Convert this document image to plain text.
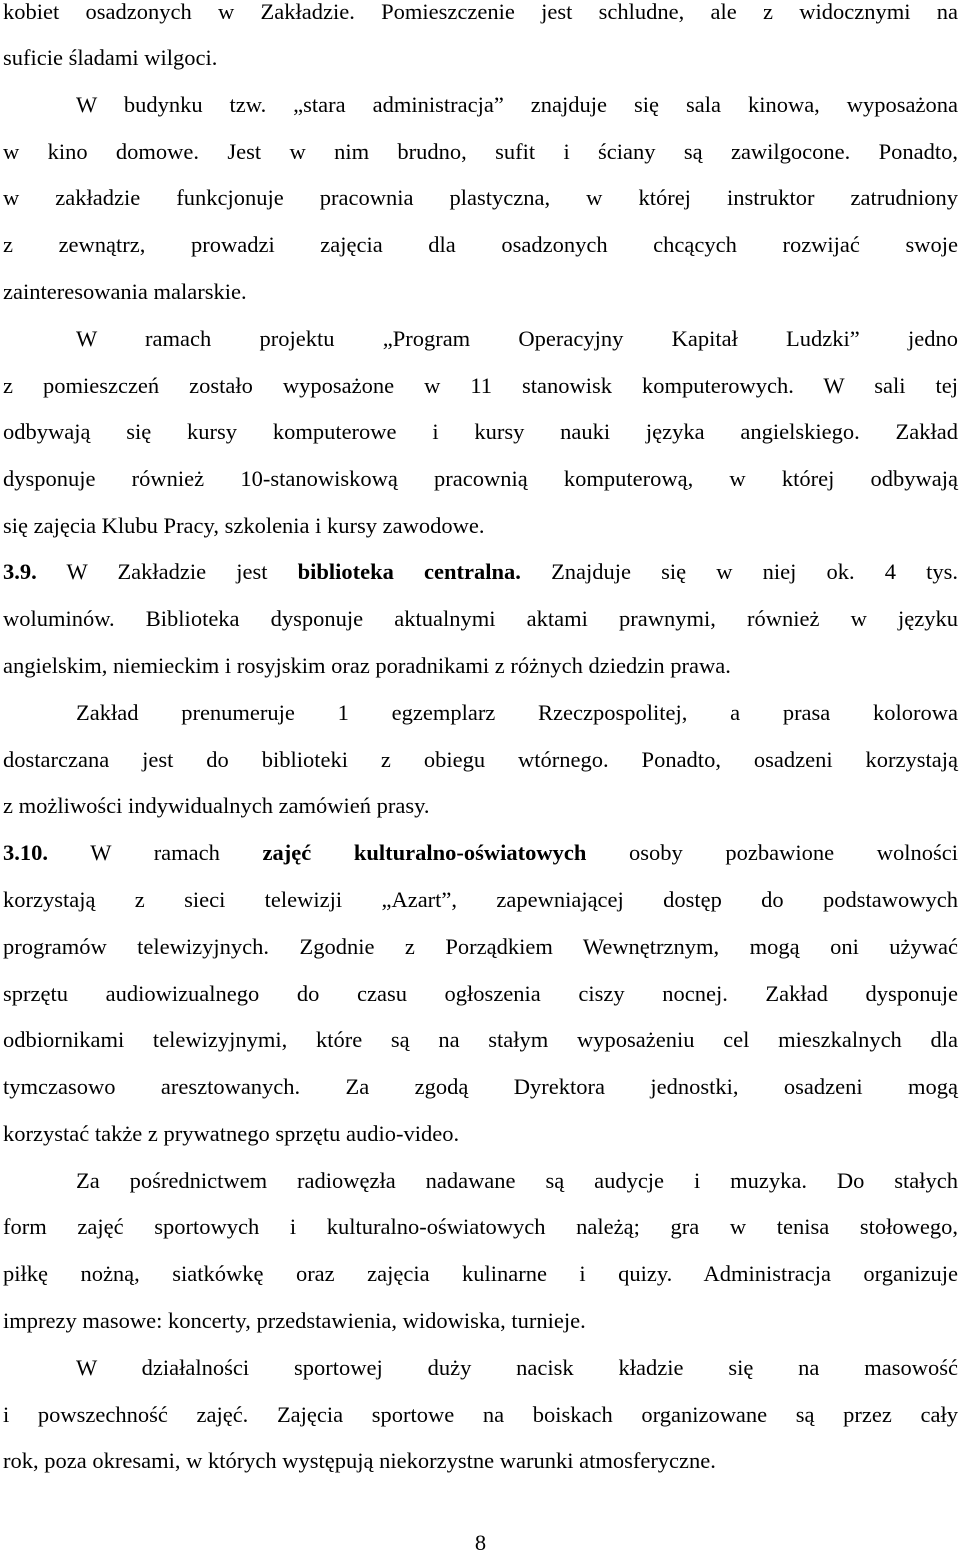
kobiet osadzonych w Zakładzie. Pomieszczenie jest schludne, ale z widocznymi na
suficie śladami wilgoci.
W budynku tzw. „stara administracja” znajduje się sala kinowa, wyposażona
w kino domowe. Jest w nim brudno, sufit i ściany są zawilgocone. Ponadto,
w zakładzie funkcjonuje pracownia plastyczna, w której instruktor zatrudniony
z zewnątrz, prowadzi zajęcia dla osadzonych chcących rozwijać swoje
zainteresowania malarskie.
W ramach projektu „Program Operacyjny Kapitał Ludzki” jedno
z pomieszczeń zostało wyposażone w 11 stanowisk komputerowych. W sali tej
odbywają się kursy komputerowe i kursy nauki języka angielskiego. Zakład
dysponuje również 10-stanowiskową pracownią komputerową, w której odbywają
się zajęcia Klubu Pracy, szkolenia i kursy zawodowe.
3.9. W Zakładzie jest biblioteka centralna. Znajduje się w niej ok. 4 tys.
woluminów. Biblioteka dysponuje aktualnymi aktami prawnymi, również w języku
angielskim, niemieckim i rosyjskim oraz poradnikami z różnych dziedzin prawa.
Zakład prenumeruje 1 egzemplarz Rzeczpospolitej, a prasa kolorowa
dostarczana jest do biblioteki z obiegu wtórnego. Ponadto, osadzeni korzystają
z możliwości indywidualnych zamówień prasy.
3.10. W ramach zajęć kulturalno-oświatowych osoby pozbawione wolności
korzystają z sieci telewizji „Azart”, zapewniającej dostęp do podstawowych
programów telewizyjnych. Zgodnie z Porządkiem Wewnętrznym, mogą oni używać
sprzętu audiowizualnego do czasu ogłoszenia ciszy nocnej. Zakład dysponuje
odbiornikami telewizyjnymi, które są na stałym wyposażeniu cel mieszkalnych dla
tymczasowo aresztowanych. Za zgodą Dyrektora jednostki, osadzeni mogą
korzystać także z prywatnego sprzętu audio-video.
Za pośrednictwem radiowęzła nadawane są audycje i muzyka. Do stałych
form zajęć sportowych i kulturalno-oświatowych należą; gra w tenisa stołowego,
piłkę nożną, siatkówkę oraz zajęcia kulinarne i quizy. Administracja organizuje
imprezy masowe: koncerty, przedstawienia, widowiska, turnieje.
W działalności sportowej duży nacisk kładzie się na masowość
i powszechność zajęć. Zajęcia sportowe na boiskach organizowane są przez cały
rok, poza okresami, w których występują niekorzystne warunki atmosferyczne.
8
